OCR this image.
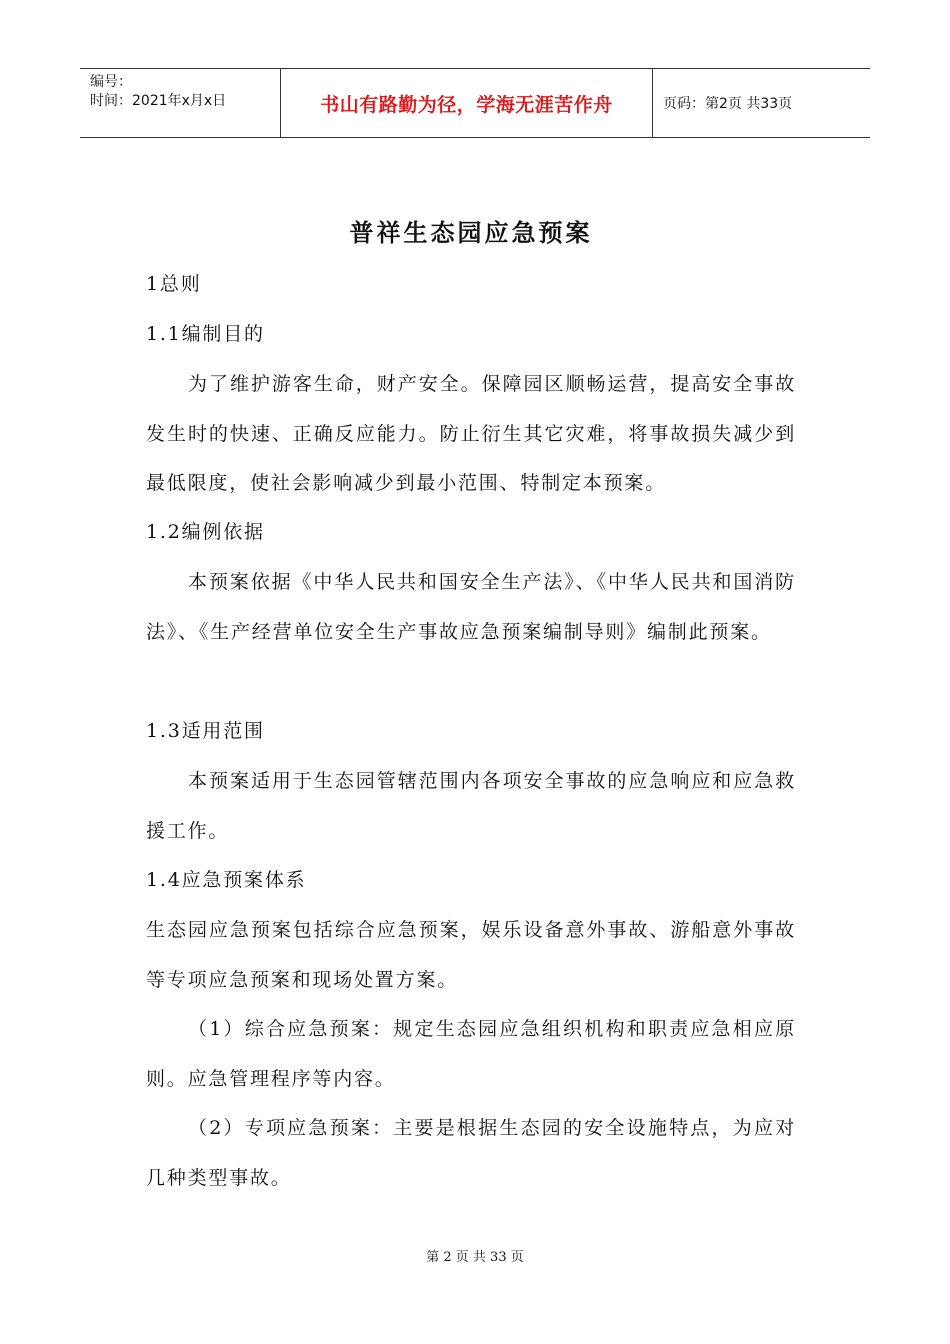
编号：
时间：2021年x月x日	书山有路勤为径，学海无涯苦作舟	页码：第2页 共33页
普祥生态园应急预案
1总则
1.1编制目的
为了维护游客生命，财产安全。保障园区顺畅运营，提高安全事故发生时的快速、正确反应能力。防止衍生其它灾难，将事故损失减少到最低限度，使社会影响减少到最小范围、特制定本预案。
1.2编例依据
本预案依据《中华人民共和国安全生产法》、《中华人民共和国消防法》、《生产经营单位安全生产事故应急预案编制导则》编制此预案。
1.3适用范围
本预案适用于生态园管辖范围内各项安全事故的应急响应和应急救援工作。
1.4应急预案体系
生态园应急预案包括综合应急预案，娱乐设备意外事故、游船意外事故等专项应急预案和现场处置方案。
（1）综合应急预案：规定生态园应急组织机构和职责应急相应原则。应急管理程序等内容。
（2）专项应急预案：主要是根据生态园的安全设施特点，为应对几种类型事故。
第 2 页 共 33 页
